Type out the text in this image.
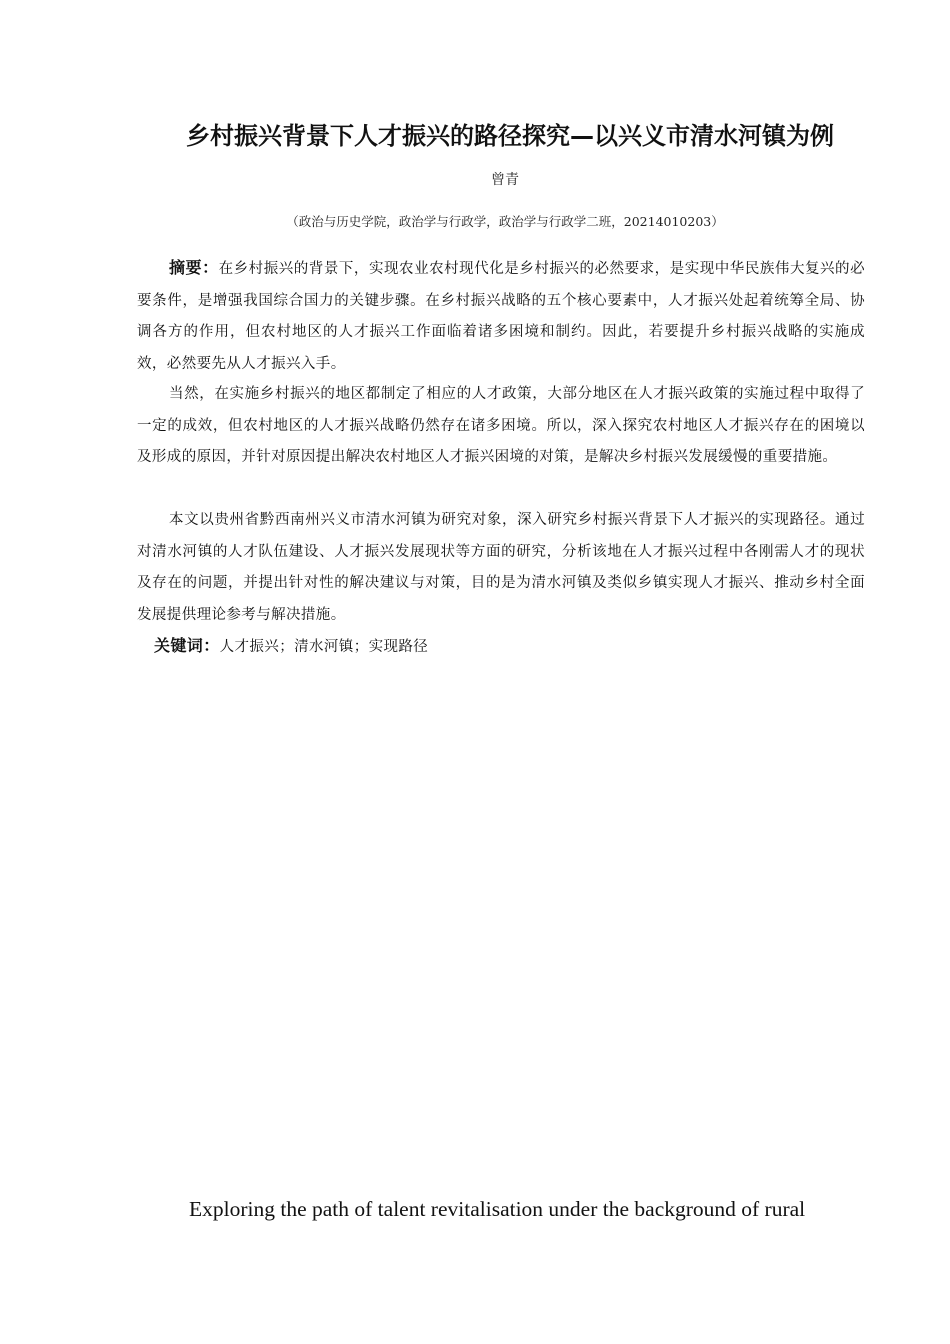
乡村振兴背景下人才振兴的路径探究—以兴义市清水河镇为例
曾青
（政治与历史学院，政治学与行政学，政治学与行政学二班，20214010203）
摘要：在乡村振兴的背景下，实现农业农村现代化是乡村振兴的必然要求，是实现中华民族伟大复兴的必要条件，是增强我国综合国力的关键步骤。在乡村振兴战略的五个核心要素中，人才振兴处起着统筹全局、协调各方的作用，但农村地区的人才振兴工作面临着诸多困境和制约。因此，若要提升乡村振兴战略的实施成效，必然要先从人才振兴入手。
当然，在实施乡村振兴的地区都制定了相应的人才政策，大部分地区在人才振兴政策的实施过程中取得了一定的成效，但农村地区的人才振兴战略仍然存在诸多困境。所以，深入探究农村地区人才振兴存在的困境以及形成的原因，并针对原因提出解决农村地区人才振兴困境的对策，是解决乡村振兴发展缓慢的重要措施。
本文以贵州省黔西南州兴义市清水河镇为研究对象，深入研究乡村振兴背景下人才振兴的实现路径。通过对清水河镇的人才队伍建设、人才振兴发展现状等方面的研究，分析该地在人才振兴过程中各刚需人才的现状及存在的问题，并提出针对性的解决建议与对策，目的是为清水河镇及类似乡镇实现人才振兴、推动乡村全面发展提供理论参考与解决措施。
关键词：人才振兴；清水河镇；实现路径
Exploring the path of talent revitalisation under the background of rural
